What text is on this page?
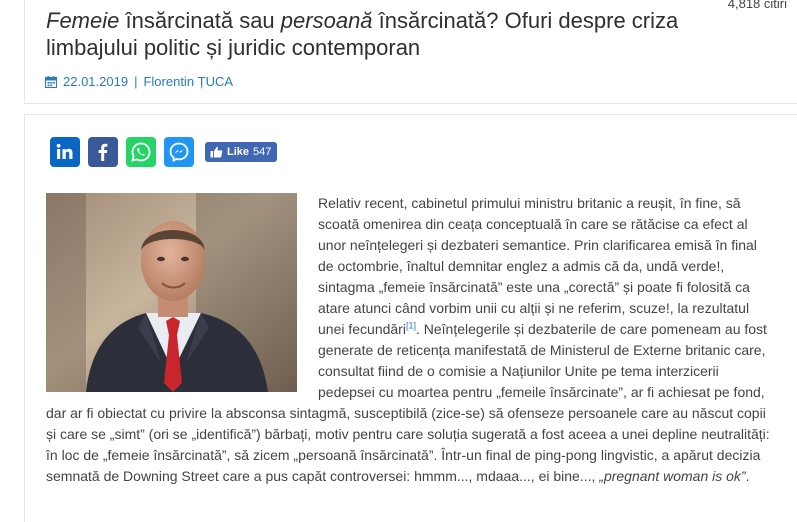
4,818 citiri
Femeie însărcinată sau persoană însărcinată? Ofuri despre criza limbajului politic și juridic contemporan
22.01.2019 | Florentin ȚUCA
Like 547

Relativ recent, cabinetul primului ministru britanic a reușit, în fine, să scoată omenirea din ceața conceptuală în care se rătăcise ca efect al unor neînțelegeri și dezbateri semantice. Prin clarificarea emisă în final de octombrie, înaltul demnitar englez a admis că da, undă verde!, sintagma „femeie însărcinată” este una „corectă” și poate fi folosită ca atare atunci când vorbim unii cu alții și ne referim, scuze!, la rezultatul unei fecundări[1]. Neînțelegerile și dezbaterile de care pomeneam au fost generate de reticența manifestată de Ministerul de Externe britanic care, consultat fiind de o comisie a Națiunilor Unite pe tema interzicerii pedepsei cu moartea pentru „femeile însărcinate”, ar fi achiesat pe fond, dar ar fi obiectat cu privire la absconsa sintagmă, susceptibilă (zice-se) să ofenseze persoanele care au născut copii și care se „simt” (ori se „identifică”) bărbați, motiv pentru care soluția sugerată a fost aceea a unei depline neutralități: în loc de „femeie însărcinată”, să zicem „persoană însărcinată”. Într-un final de ping-pong lingvistic, a apărut decizia semnată de Downing Street care a pus capăt controversei: hmmm..., mdaaa..., ei bine..., „pregnant woman is ok”.
